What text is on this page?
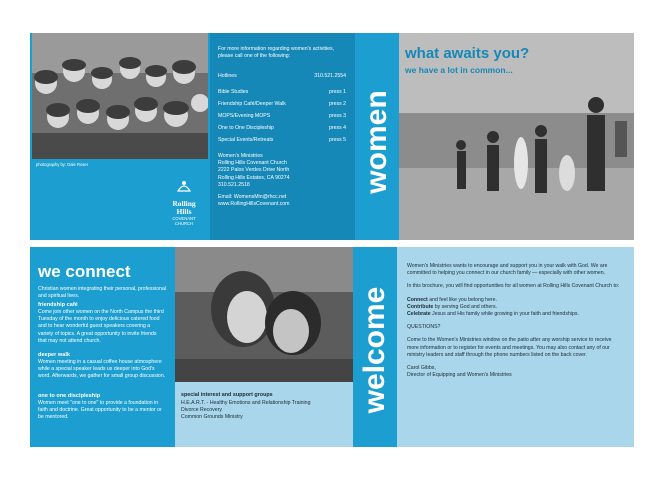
photography by: Dale Roser
Rolling
Hills
COVENANT
CHURCH
For more information regarding women's activities, please call one of the following:
Hotlines	310.521.2554
Bible Studies	press 1
Friendship Café/Deeper Walk	press 2
MOPS/Evening MOPS	press 3
One to One Discipleship	press 4
Special Events/Retreats	press 5
Women's Ministries
Rolling Hills Covenant Church
2222 Palos Verdes Drive North
Rolling Hills Estates, CA 90274
310.521.2518
Email: WomensMin@rhcc.net
www.RollingHillsCovenant.com
women
what awaits you?
we have a lot in common...
we connect
Christian women integrating their personal, professional and spiritual lives.
friendship café
Come join other women on the North Campus the third Tuesday of the month to enjoy delicious catered food and to hear wonderful guest speakers covering a variety of topics. A great opportunity to invite friends that may not attend church.
deeper walk
Women meeting in a casual coffee house atmosphere while a special speaker leads us deeper into God's word. Afterwards, we gather for small group discussion.
one to one discipleship
Women meet "one to one" to provide a foundation in faith and doctrine. Great opportunity to be a mentor or be mentored.
special interest and support groups
H.E.A.R.T. - Healthy Emotions and Relationship Training
Divorce Recovery
Common Grounds Ministry
welcome
Women's Ministries wants to encourage and support you in your walk with God. We are committed to helping you connect in our church family — especially with other women.
In this brochure, you will find opportunities for all women at Rolling Hills Covenant Church to:
Connect and feel like you belong here.
Contribute by serving God and others.
Celebrate Jesus and His family while growing in your faith and friendships.
QUESTIONS?
Come to the Women's Ministries window on the patio after any worship service to receive more information or to register for events and meetings. You may also contact any of our ministry leaders and staff through the phone numbers listed on the back cover.
Carol Gibbs,
Director of Equipping and Women's Ministries
